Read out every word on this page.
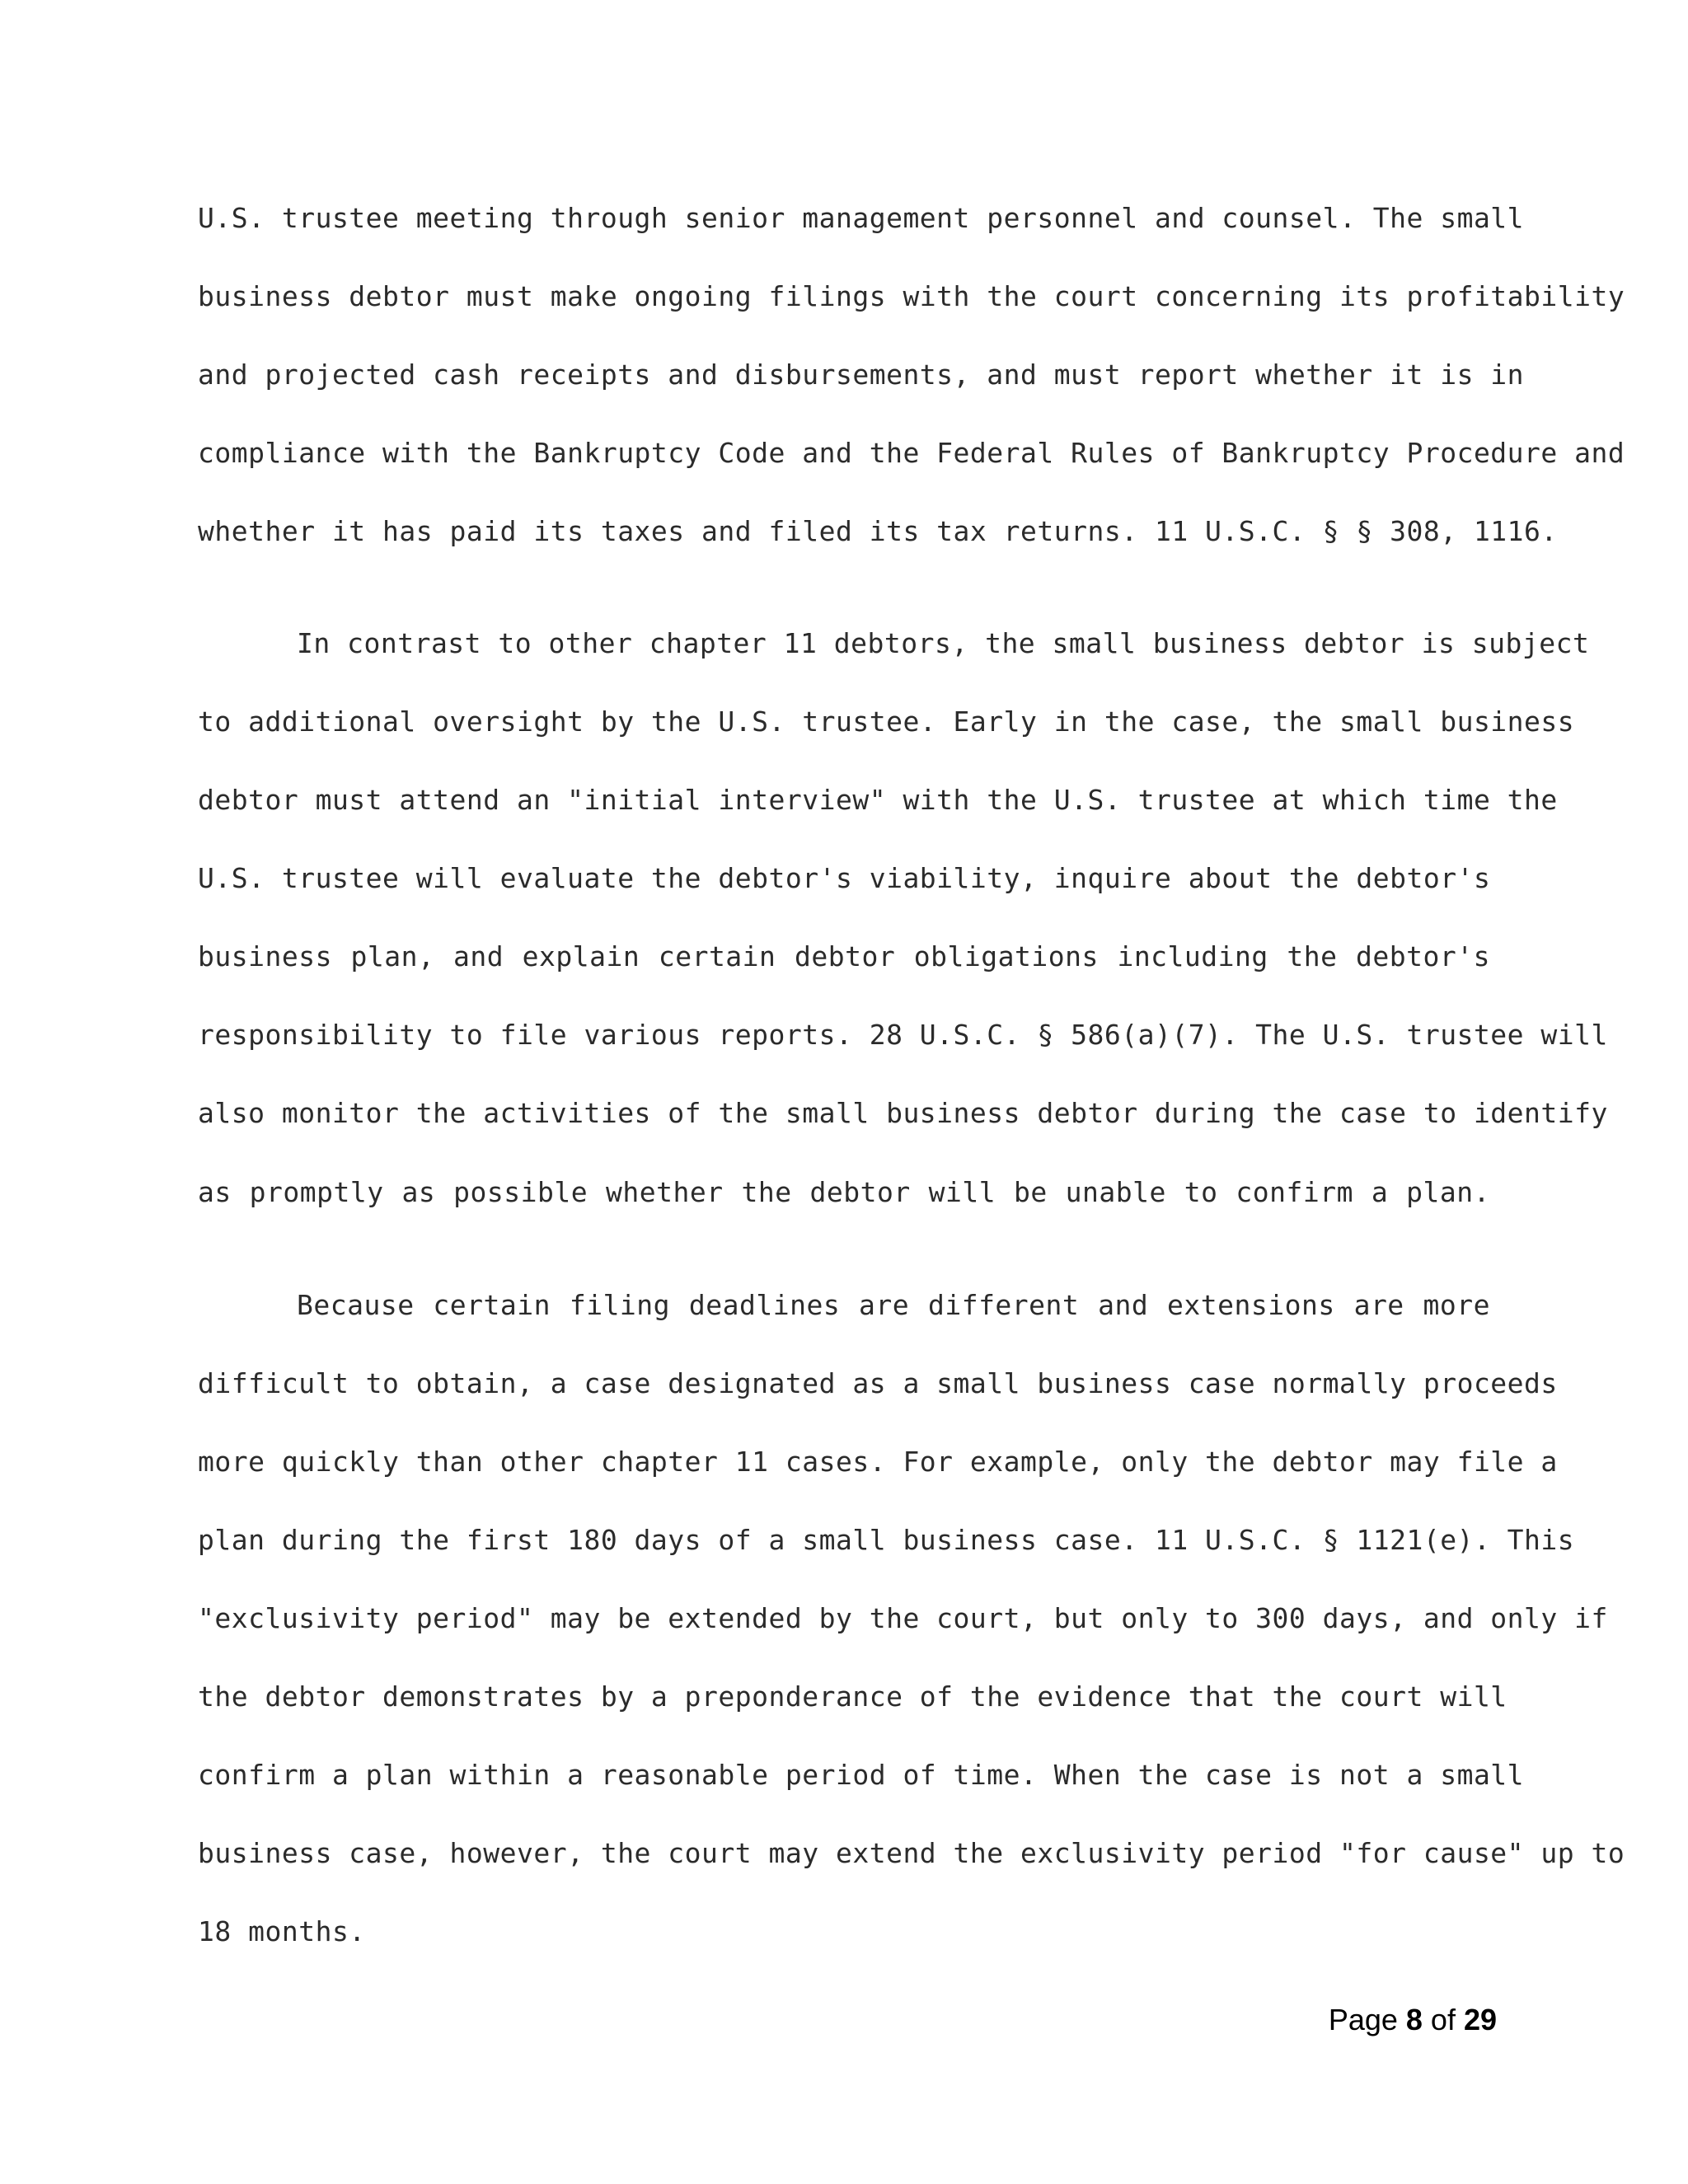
U.S. trustee meeting through senior management personnel and counsel. The small
business debtor must make ongoing filings with the court concerning its profitability
and projected cash receipts and disbursements, and must report whether it is in
compliance with the Bankruptcy Code and the Federal Rules of Bankruptcy Procedure and
whether it has paid its taxes and filed its tax returns. 11 U.S.C. § § 308, 1116.
In contrast to other chapter 11 debtors, the small business debtor is subject
to additional oversight by the U.S. trustee. Early in the case, the small business
debtor must attend an "initial interview" with the U.S. trustee at which time the
U.S. trustee will evaluate the debtor's viability, inquire about the debtor's
business plan, and explain certain debtor obligations including the debtor's
responsibility to file various reports. 28 U.S.C. § 586(a)(7). The U.S. trustee will
also monitor the activities of the small business debtor during the case to identify
as promptly as possible whether the debtor will be unable to confirm a plan.
Because certain filing deadlines are different and extensions are more
difficult to obtain, a case designated as a small business case normally proceeds
more quickly than other chapter 11 cases. For example, only the debtor may file a
plan during the first 180 days of a small business case. 11 U.S.C. § 1121(e). This
"exclusivity period" may be extended by the court, but only to 300 days, and only if
the debtor demonstrates by a preponderance of the evidence that the court will
confirm a plan within a reasonable period of time. When the case is not a small
business case, however, the court may extend the exclusivity period "for cause" up to
18 months.
Page 8 of 29
